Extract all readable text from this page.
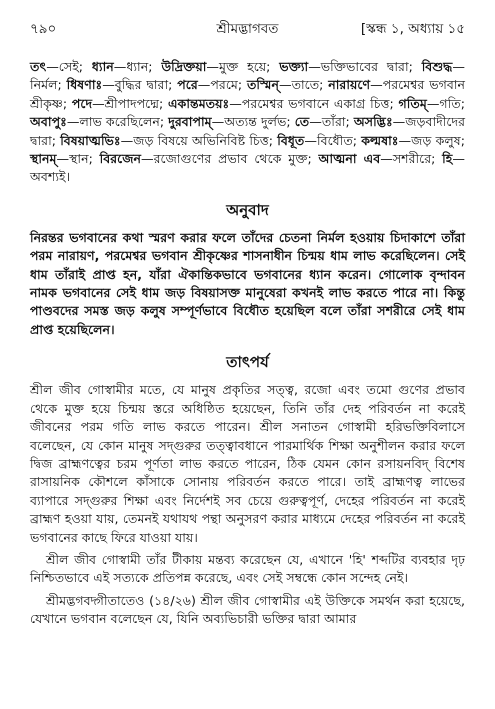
৭৯০	শ্রীমদ্ভাগবত	[স্কন্ধ ১, অধ্যায় ১৫

তৎ—সেই; ধ্যান—ধ্যান; উদ্রিক্তয়া—মুক্ত হয়ে; ভক্ত্যা—ভক্তিভাবের দ্বারা; বিশুদ্ধ—নির্মল; ধিষণাঃ—বুদ্ধির দ্বারা; পরে—পরমে; তস্মিন্—তাতে; নারায়ণে—পরমেশ্বর ভগবান শ্রীকৃষ্ণ; পদে—শ্রীপাদপদ্মে; একান্তমতয়ঃ—পরমেশ্বর ভগবানে একাগ্র চিত্ত; গতিম্—গতি; অবাপুঃ—লাভ করেছিলেন; দুরবাপাম্—অত্যন্ত দুর্লভ; তে—তাঁরা; অসদ্ভিঃ—জড়বাদীদের দ্বারা; বিষয়াত্মভিঃ—জড় বিষয়ে অভিনিবিষ্ট চিত্ত; বিধূত—বিধৌত; কল্মষাঃ—জড় কলুষ; স্থানম্—স্থান; বিরজেন—রজোগুণের প্রভাব থেকে মুক্ত; আত্মনা এব—সশরীরে; হি—অবশ্যই।

অনুবাদ

নিরন্তর ভগবানের কথা স্মরণ করার ফলে তাঁদের চেতনা নির্মল হওয়ায় চিদাকাশে তাঁরা পরম নারায়ণ, পরমেশ্বর ভগবান শ্রীকৃষ্ণের শাসনাধীন চিন্ময় ধাম লাভ করেছিলেন। সেই ধাম তাঁরাই প্রাপ্ত হন, যাঁরা ঐকান্তিকভাবে ভগবানের ধ্যান করেন। গোলোক বৃন্দাবন নামক ভগবানের সেই ধাম জড় বিষয়াসক্ত মানুষেরা কখনই লাভ করতে পারে না। কিন্তু পাণ্ডবদের সমস্ত জড় কলুষ সম্পূর্ণভাবে বিধৌত হয়েছিল বলে তাঁরা সশরীরে সেই ধাম প্রাপ্ত হয়েছিলেন।

তাৎপর্য

শ্রীল জীব গোস্বামীর মতে, যে মানুষ প্রকৃতির সত্ত্ব, রজো এবং তমো গুণের প্রভাব থেকে মুক্ত হয়ে চিন্ময় স্তরে অধিষ্ঠিত হয়েছেন, তিনি তাঁর দেহ পরিবর্তন না করেই জীবনের পরম গতি লাভ করতে পারেন। শ্রীল সনাতন গোস্বামী হরিভক্তিবিলাসে বলেছেন, যে কোন মানুষ সদ্গুরুর তত্ত্বাবধানে পারমার্থিক শিক্ষা অনুশীলন করার ফলে দ্বিজ ব্রাহ্মণত্বের চরম পূর্ণতা লাভ করতে পারেন, ঠিক যেমন কোন রসায়নবিদ্ বিশেষ রাসায়নিক কৌশলে কাঁসাকে সোনায় পরিবর্তন করতে পারে। তাই ব্রাহ্মণত্ব লাভের ব্যাপারে সদ্গুরুর শিক্ষা এবং নির্দেশই সব চেয়ে গুরুত্বপূর্ণ, দেহের পরিবর্তন না করেই ব্রাহ্মণ হওয়া যায়, তেমনই যথাযথ পন্থা অনুসরণ করার মাধ্যমে দেহের পরিবর্তন না করেই ভগবানের কাছে ফিরে যাওয়া যায়।

শ্রীল জীব গোস্বামী তাঁর টীকায় মন্তব্য করেছেন যে, এখানে 'হি' শব্দটির ব্যবহার দৃঢ় নিশ্চিতভাবে এই সত্যকে প্রতিপন্ন করেছে, এবং সেই সম্বন্ধে কোন সন্দেহ নেই।

শ্রীমদ্ভগবদ্গীতাতেও (১৪/২৬) শ্রীল জীব গোস্বামীর এই উক্তিকে সমর্থন করা হয়েছে, যেখানে ভগবান বলেছেন যে, যিনি অব্যভিচারী ভক্তির দ্বারা আমার
